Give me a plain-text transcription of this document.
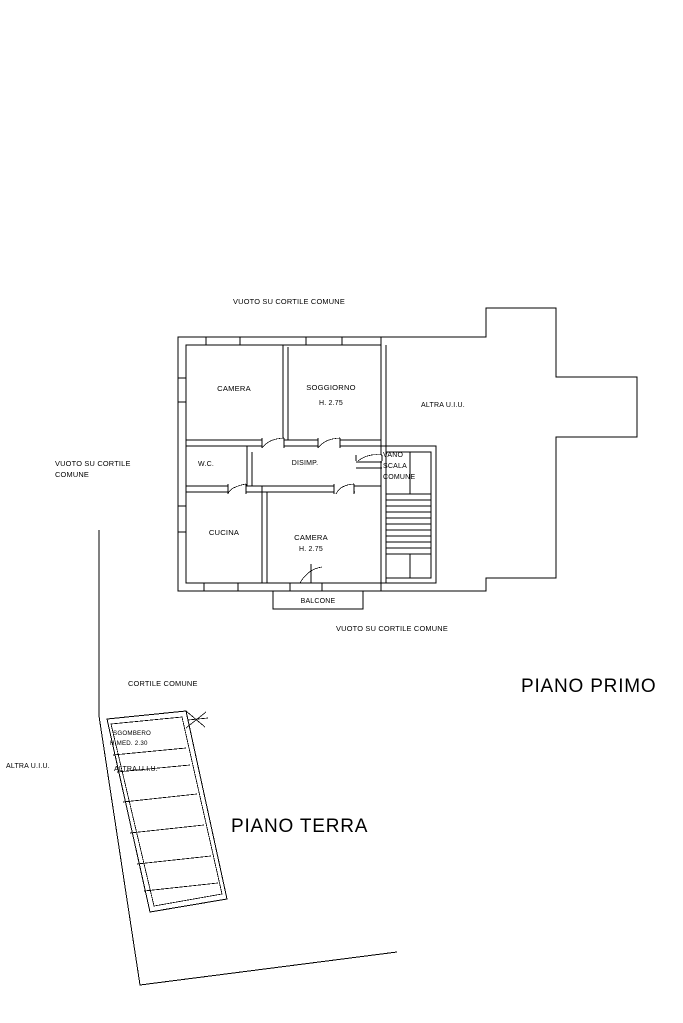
VUOTO SU CORTILE COMUNE
VUOTO SU CORTILE
COMUNE
CAMERA	SOGGIORNO
H. 2.75
W.C.	DISIMP.
CUCINA
CAMERA
H. 2.75
BALCONE
VANO
SCALA
COMUNE
ALTRA U.I.U.
VUOTO SU CORTILE COMUNE
PIANO PRIMO
CORTILE COMUNE
SGOMBERO
H.MED. 2.30
ALTRA U.I.U.
ALTRA U.I.U.
PIANO TERRA
